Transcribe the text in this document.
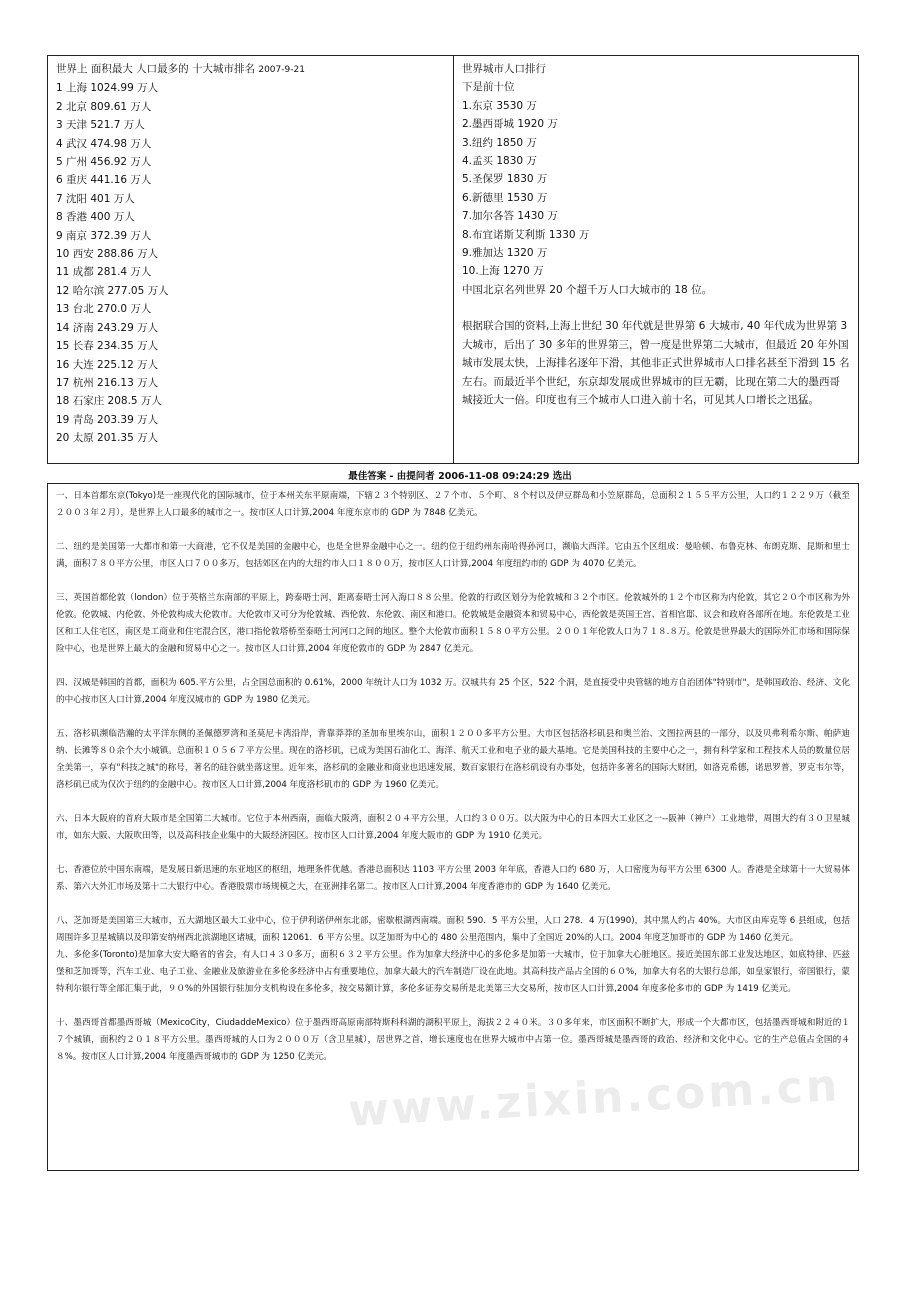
世界上 面积最大 人口最多的 十大城市排名 2007-9-21
1 上海 1024.99 万人
2 北京 809.61 万人
3 天津 521.7 万人
4 武汉 474.98 万人
5 广州 456.92 万人
6 重庆 441.16 万人
7 沈阳 401 万人
8 香港 400 万人
9 南京 372.39 万人
10 西安 288.86 万人
11 成都 281.4 万人
12 哈尔滨 277.05 万人
13 台北 270.0 万人
14 济南 243.29 万人
15 长春 234.35 万人
16 大连 225.12 万人
17 杭州 216.13 万人
18 石家庄 208.5 万人
19 青岛 203.39 万人
20 太原 201.35 万人
世界城市人口排行
下是前十位
1.东京 3530 万
2.墨西哥城 1920 万
3.纽约 1850 万
4.孟买 1830 万
5.圣保罗 1830 万
6.新德里 1530 万
7.加尔各答 1430 万
8.布宜诺斯艾利斯 1330 万
9.雅加达 1320 万
10.上海 1270 万
中国北京名列世界 20 个超千万人口大城市的 18 位。
根据联合国的资料,上海上世纪 30 年代就是世界第 6 大城市, 40 年代成为世界第 3 大城市，后出了 30 多年的世界第三，曾一度是世界第二大城市，但最近 20 年外国城市发展太快，上海排名逐年下滑，其他非正式世界城市人口排名甚至下滑到 15 名左右。而最近半个世纪，东京却发展成世界城市的巨无霸，比现在第二大的墨西哥城接近大一倍。印度也有三个城市人口进入前十名，可见其人口增长之迅猛。
最佳答案 - 由提问者 2006-11-08 09:24:29 选出
www.zixin.com.cn

一、日本首都东京(Tokyo)是一座现代化的国际城市，位于本州关东平原南端，下辖２３个特别区、２７个市、５个町、８个村以及伊豆群岛和小笠原群岛，总面积２１５５平方公里，人口约１２２９万（截至２００３年２月），是世界上人口最多的城市之一。按市区人口计算,2004 年度东京市的 GDP 为 7848 亿美元。

二、纽约是美国第一大都市和第一大商港，它不仅是美国的金融中心，也是全世界金融中心之一。纽约位于纽约州东南哈得孙河口，濒临大西洋。它由五个区组成：曼哈顿、布鲁克林、布朗克斯、昆斯和里士满，面积７８０平方公里，市区人口７００多万，包括郊区在内的大纽约市人口１８００万，按市区人口计算,2004 年度纽约市的 GDP 为 4070 亿美元。

三、英国首都伦敦（london）位于英格兰东南部的平原上，跨泰晤士河，距离泰晤士河入海口８８公里。伦敦的行政区划分为伦敦城和３２个市区。伦敦城外的１２个市区称为内伦敦，其它２０个市区称为外伦敦。伦敦城、内伦敦、外伦敦构成大伦敦市。大伦敦市又可分为伦敦城、西伦敦、东伦敦、南区和港口。伦敦城是金融资本和贸易中心，西伦敦是英国王宫、首相官邸、议会和政府各部所在地。东伦敦是工业区和工人住宅区，南区是工商业和住宅混合区，港口指伦敦塔桥至泰晤士河河口之间的地区。整个大伦敦市面积１５８０平方公里。２００１年伦敦人口为７１８.８万。伦敦是世界最大的国际外汇市场和国际保险中心，也是世界上最大的金融和贸易中心之一。按市区人口计算,2004 年度伦敦市的 GDP 为 2847 亿美元。

四、汉城是韩国的首都，面积为 605.平方公里，占全国总面积的 0.61%，2000 年统计人口为 1032 万。汉城共有 25 个区，522 个洞，是直接受中央管辖的地方自治团体"特别市"，是韩国政治、经济、文化的中心按市区人口计算,2004 年度汉城市的 GDP 为 1980 亿美元。

五、洛杉矶濒临浩瀚的太平洋东侧的圣佩德罗湾和圣莫尼卡湾沿岸，背靠莽莽的圣加布里埃尔山，面积１２００多平方公里。大市区包括洛杉矶县和奥兰治、文图拉两县的一部分，以及贝弗利希尔斯、帕萨迪纳、长滩等８０余个大小城镇。总面积１０５６７平方公里。现在的洛杉矶，已成为美国石油化工、海洋、航天工业和电子业的最大基地。它是美国科技的主要中心之一，拥有科学家和工程技术人员的数量位居全美第一，享有"科技之城"的称号，著名的硅谷就坐落这里。近年来，洛杉矶的金融业和商业也迅速发展，数百家银行在洛杉矶设有办事处，包括许多著名的国际大财团，如洛克希德，诺思罗普，罗克韦尔等，洛杉矶已成为仅次于纽约的金融中心。按市区人口计算,2004 年度洛杉矶市的 GDP 为 1960 亿美元。

六、日本大阪府的首府大阪市是全国第二大城市。它位于本州西南，面临大阪湾，面积２０４平方公里，人口约３００万。以大阪为中心的日本四大工业区之一--阪神（神户）工业地带，周围大约有３０卫星城市，如东大阪、大阪吹田等，以及高科技企业集中的大阪经济园区。按市区人口计算,2004 年度大阪市的 GDP 为 1910 亿美元。

七、香港位於中国东南端，是发展日新迅速的东亚地区的枢纽，地理条件优越。香港总面积达 1103 平方公里 2003 年年底，香港人口约 680 万，人口密度为每平方公里 6300 人。香港是全球第十一大贸易体系、第六大外汇市场及第十二大银行中心。香港股票市场规模之大，在亚洲排名第二。按市区人口计算,2004 年度香港市的 GDP 为 1640 亿美元。

八、芝加哥是美国第三大城市，五大湖地区最大工业中心，位于伊利诺伊州东北部，密歇根湖西南端。面积 590．5 平方公里，人口 278．4 万(1990)，其中黑人约占 40%。大市区由库克等 6 县组成，包括周围许多卫星城镇以及印第安纳州西北滨湖地区诸城，面积 12061．6 平方公里。以芝加哥为中心的 480 公里范围内，集中了全国近 20%的人口。2004 年度芝加哥市的 GDP 为 1460 亿美元。

九、多伦多(Toronto)是加拿大安大略省的省会，有人口４３０多万，面积６３２平方公里。作为加拿大经济中心的多伦多是加第一大城市，位于加拿大心脏地区。接近美国东部工业发达地区，如底特律、匹兹堡和芝加哥等，汽车工业、电子工业、金融业及旅游业在多伦多经济中占有重要地位，加拿大最大的汽车制造厂设在此地。其高科技产品占全国的６０%，加拿大有名的大银行总部，如皇家银行，帝国银行，蒙特利尔银行等全部汇集于此，９０%的外国银行驻加分支机构设在多伦多，按交易额计算，多伦多证券交易所是北美第三大交易所，按市区人口计算,2004 年度多伦多市的 GDP 为 1419 亿美元。

十、墨西哥首都墨西哥城（MexicoCity，CiudaddeMexico）位于墨西哥高原南部特斯科科湖的湖积平原上，海拔２２４０米。３０多年来，市区面积不断扩大，形成一个大都市区，包括墨西哥城和附近的１７个城镇，面积约２０１８平方公里。墨西哥城的人口为２０００万（含卫星城），居世界之首，增长速度也在世界大城市中占第一位。墨西哥城是墨西哥的政治、经济和文化中心。它的生产总值占全国的４８%。按市区人口计算,2004 年度墨西哥城市的 GDP 为 1250 亿美元。
